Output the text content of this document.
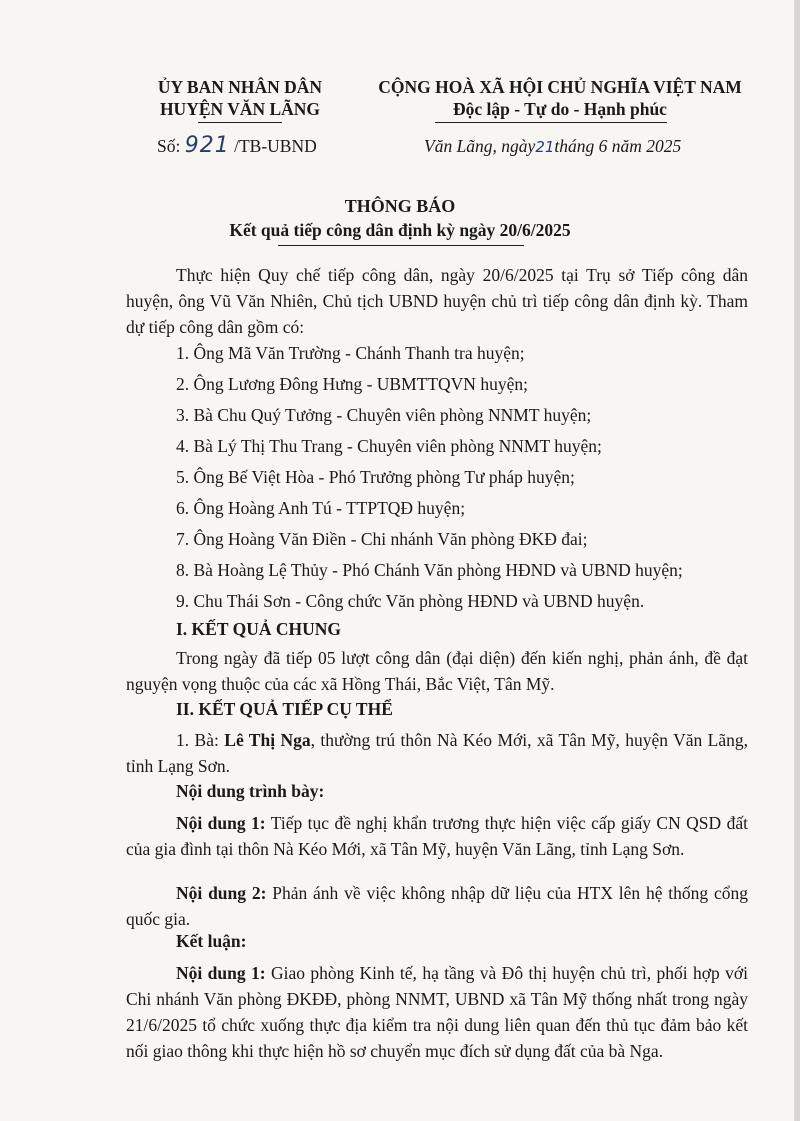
ỦY BAN NHÂN DÂN
HUYỆN VĂN LÃNG
CỘNG HOÀ XÃ HỘI CHỦ NGHĨA VIỆT NAM
Độc lập - Tự do - Hạnh phúc
Số: 921 /TB-UBND	Văn Lãng, ngày21tháng 6 năm 2025
THÔNG BÁO
Kết quả tiếp công dân định kỳ ngày 20/6/2025
Thực hiện Quy chế tiếp công dân, ngày 20/6/2025 tại Trụ sở Tiếp công dân huyện, ông Vũ Văn Nhiên, Chủ tịch UBND huyện chủ trì tiếp công dân định kỳ. Tham dự tiếp công dân gồm có:
1. Ông Mã Văn Trường - Chánh Thanh tra huyện;
2. Ông Lương Đông Hưng - UBMTTQVN huyện;
3. Bà Chu Quý Tưởng - Chuyên viên phòng NNMT huyện;
4. Bà Lý Thị Thu Trang - Chuyên viên phòng NNMT huyện;
5. Ông Bế Việt Hòa - Phó Trưởng phòng Tư pháp huyện;
6. Ông Hoàng Anh Tú - TTPTQĐ huyện;
7. Ông Hoàng Văn Điền - Chi nhánh Văn phòng ĐKĐ đai;
8. Bà Hoàng Lệ Thủy - Phó Chánh Văn phòng HĐND và UBND huyện;
9. Chu Thái Sơn - Công chức Văn phòng HĐND và UBND huyện.
I. KẾT QUẢ CHUNG
Trong ngày đã tiếp 05 lượt công dân (đại diện) đến kiến nghị, phản ánh, đề đạt nguyện vọng thuộc của các xã Hồng Thái, Bắc Việt, Tân Mỹ.
II. KẾT QUẢ TIẾP CỤ THỂ
1. Bà: Lê Thị Nga, thường trú thôn Nà Kéo Mới, xã Tân Mỹ, huyện Văn Lãng, tỉnh Lạng Sơn.
Nội dung trình bày:
Nội dung 1: Tiếp tục đề nghị khẩn trương thực hiện việc cấp giấy CN QSD đất của gia đình tại thôn Nà Kéo Mới, xã Tân Mỹ, huyện Văn Lãng, tỉnh Lạng Sơn.
Nội dung 2: Phản ánh về việc không nhập dữ liệu của HTX lên hệ thống cổng quốc gia.
Kết luận:
Nội dung 1: Giao phòng Kinh tế, hạ tầng và Đô thị huyện chủ trì, phối hợp với Chi nhánh Văn phòng ĐKĐĐ, phòng NNMT, UBND xã Tân Mỹ thống nhất trong ngày 21/6/2025 tổ chức xuống thực địa kiểm tra nội dung liên quan đến thủ tục đảm bảo kết nối giao thông khi thực hiện hồ sơ chuyển mục đích sử dụng đất của bà Nga.
